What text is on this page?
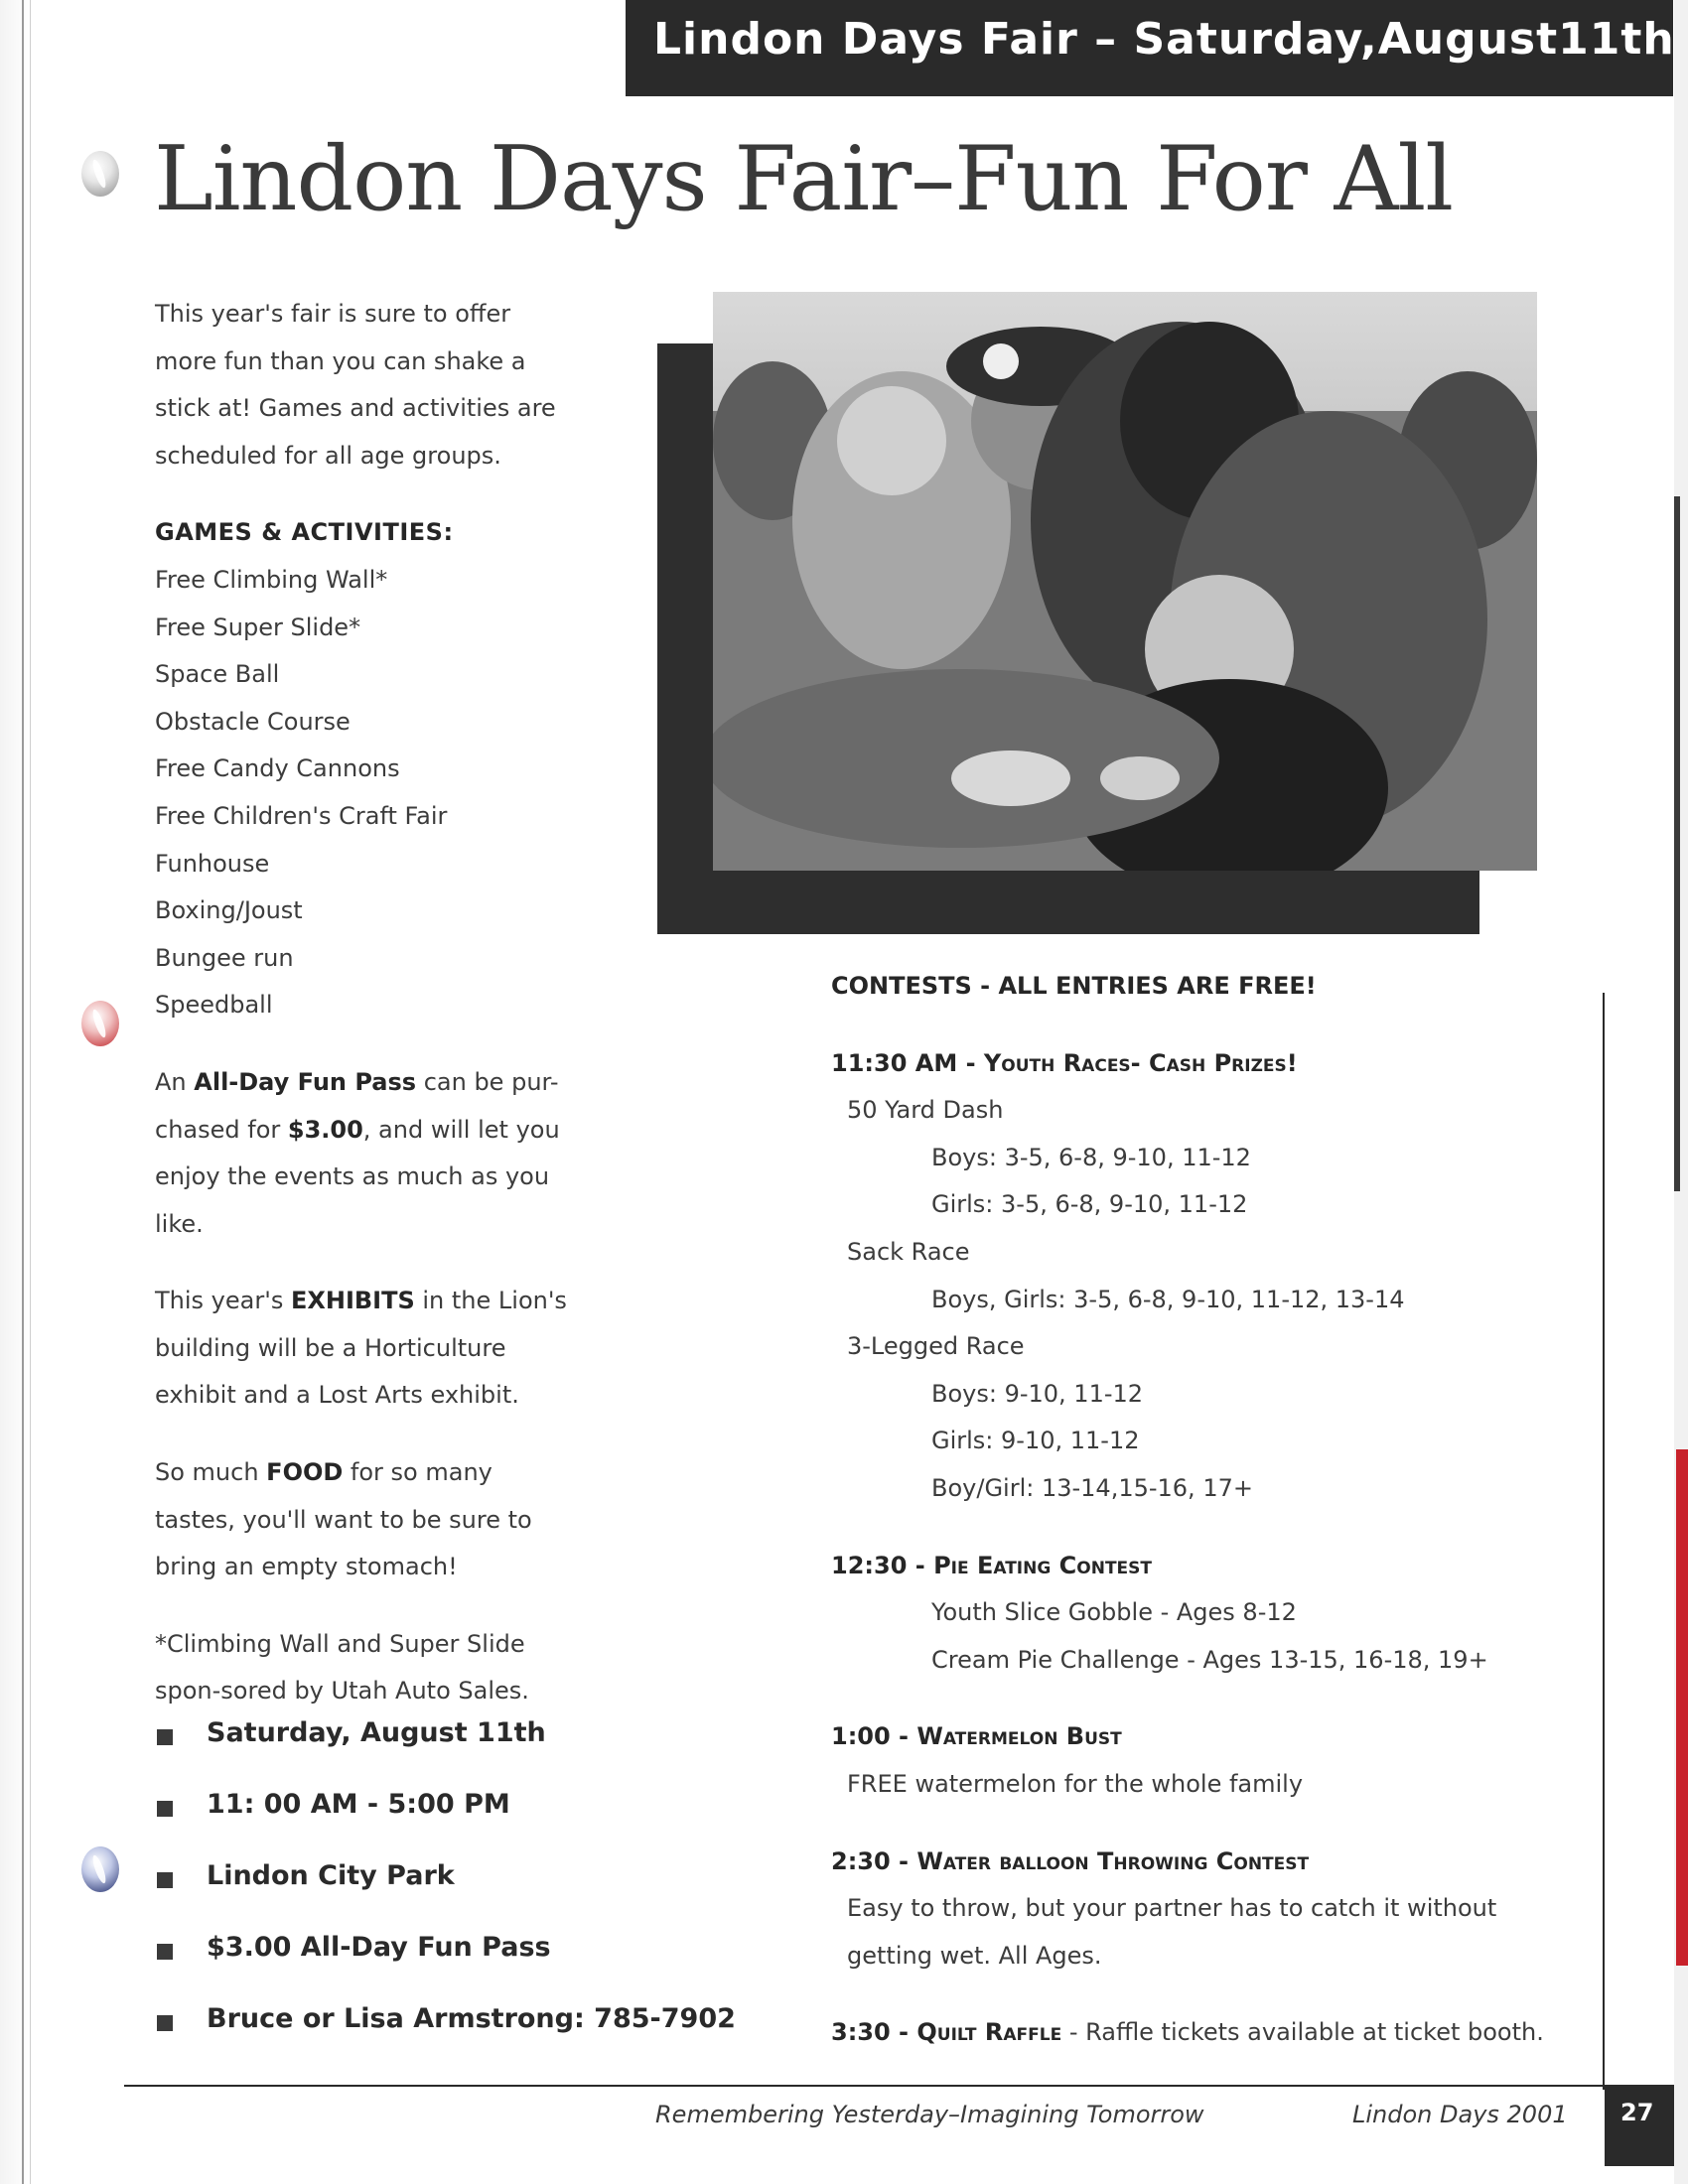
Lindon Days Fair – Saturday,August11th
Lindon Days Fair–Fun For All

This year's fair is sure to offer more fun than you can shake a stick at! Games and activities are scheduled for all age groups.

GAMES & ACTIVITIES:

Free Climbing Wall*

Free Super Slide*

Space Ball

Obstacle Course

Free Candy Cannons

Free Children's Craft Fair

Funhouse

Boxing/Joust

Bungee run

Speedball

An All-Day Fun Pass can be pur-chased for $3.00, and will let you enjoy the events as much as you like.

This year's EXHIBITS in the Lion's building will be a Horticulture exhibit and a Lost Arts exhibit.

So much FOOD for so many tastes, you'll want to be sure to bring an empty stomach!

*Climbing Wall and Super Slide spon-sored by Utah Auto Sales.

Saturday, August 11th
11: 00 AM - 5:00 PM
Lindon City Park
$3.00 All-Day Fun Pass
Bruce or Lisa Armstrong: 785-7902

CONTESTS - ALL ENTRIES ARE FREE!

11:30 AM - Youth Races- Cash Prizes!

50 Yard Dash

Boys: 3-5, 6-8, 9-10, 11-12

Girls: 3-5, 6-8, 9-10, 11-12

Sack Race

Boys, Girls: 3-5, 6-8, 9-10, 11-12, 13-14

3-Legged Race

Boys: 9-10, 11-12

Girls: 9-10, 11-12

Boy/Girl: 13-14,15-16, 17+

12:30 - Pie Eating Contest

Youth Slice Gobble - Ages 8-12

Cream Pie Challenge - Ages 13-15, 16-18, 19+

1:00 - Watermelon Bust

FREE watermelon for the whole family

2:30 - Water balloon Throwing Contest

Easy to throw, but your partner has to catch it without

getting wet. All Ages.

3:30 - Quilt Raffle - Raffle tickets available at ticket booth.

Remembering Yesterday–Imagining Tomorrow	Lindon Days 2001 27
